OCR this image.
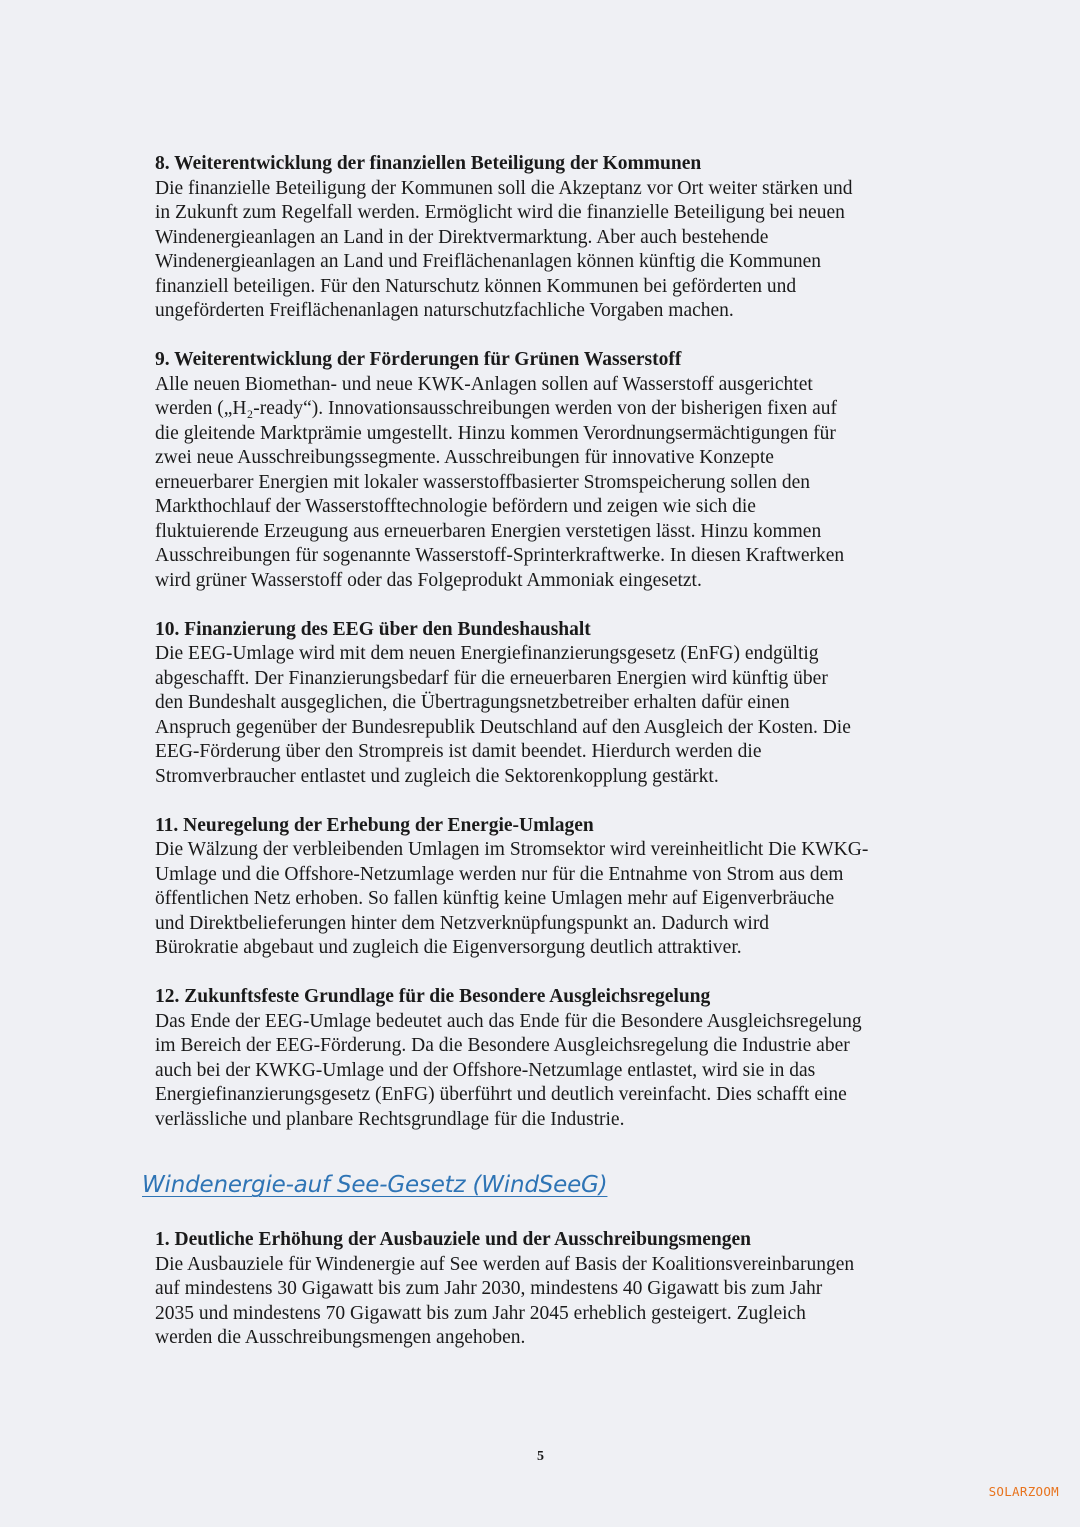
8. Weiterentwicklung der finanziellen Beteiligung der Kommunen

Die finanzielle Beteiligung der Kommunen soll die Akzeptanz vor Ort weiter stärken und
in Zukunft zum Regelfall werden. Ermöglicht wird die finanzielle Beteiligung bei neuen
Windenergieanlagen an Land in der Direktvermarktung. Aber auch bestehende
Windenergieanlagen an Land und Freiflächenanlagen können künftig die Kommunen
finanziell beteiligen. Für den Naturschutz können Kommunen bei geförderten und
ungeförderten Freiflächenanlagen naturschutzfachliche Vorgaben machen.

9. Weiterentwicklung der Förderungen für Grünen Wasserstoff

Alle neuen Biomethan- und neue KWK-Anlagen sollen auf Wasserstoff ausgerichtet
werden („H₂-ready“). Innovationsausschreibungen werden von der bisherigen fixen auf
die gleitende Marktprämie umgestellt. Hinzu kommen Verordnungsermächtigungen für
zwei neue Ausschreibungssegmente. Ausschreibungen für innovative Konzepte
erneuerbarer Energien mit lokaler wasserstoffbasierter Stromspeicherung sollen den
Markthochlauf der Wasserstofftechnologie befördern und zeigen wie sich die
fluktuierende Erzeugung aus erneuerbaren Energien verstetigen lässt. Hinzu kommen
Ausschreibungen für sogenannte Wasserstoff-Sprinterkraftwerke. In diesen Kraftwerken
wird grüner Wasserstoff oder das Folgeprodukt Ammoniak eingesetzt.

10. Finanzierung des EEG über den Bundeshaushalt

Die EEG-Umlage wird mit dem neuen Energiefinanzierungsgesetz (EnFG) endgültig
abgeschafft. Der Finanzierungsbedarf für die erneuerbaren Energien wird künftig über
den Bundeshalt ausgeglichen, die Übertragungsnetzbetreiber erhalten dafür einen
Anspruch gegenüber der Bundesrepublik Deutschland auf den Ausgleich der Kosten. Die
EEG-Förderung über den Strompreis ist damit beendet. Hierdurch werden die
Stromverbraucher entlastet und zugleich die Sektorenkopplung gestärkt.

11. Neuregelung der Erhebung der Energie-Umlagen

Die Wälzung der verbleibenden Umlagen im Stromsektor wird vereinheitlicht Die KWKG-
Umlage und die Offshore-Netzumlage werden nur für die Entnahme von Strom aus dem
öffentlichen Netz erhoben. So fallen künftig keine Umlagen mehr auf Eigenverbräuche
und Direktbelieferungen hinter dem Netzverknüpfungspunkt an. Dadurch wird
Bürokratie abgebaut und zugleich die Eigenversorgung deutlich attraktiver.

12. Zukunftsfeste Grundlage für die Besondere Ausgleichsregelung

Das Ende der EEG-Umlage bedeutet auch das Ende für die Besondere Ausgleichsregelung
im Bereich der EEG-Förderung. Da die Besondere Ausgleichsregelung die Industrie aber
auch bei der KWKG-Umlage und der Offshore-Netzumlage entlastet, wird sie in das
Energiefinanzierungsgesetz (EnFG) überführt und deutlich vereinfacht. Dies schafft eine
verlässliche und planbare Rechtsgrundlage für die Industrie.

Windenergie-auf See-Gesetz (WindSeeG)
1. Deutliche Erhöhung der Ausbauziele und der Ausschreibungsmengen

Die Ausbauziele für Windenergie auf See werden auf Basis der Koalitionsvereinbarungen
auf mindestens 30 Gigawatt bis zum Jahr 2030, mindestens 40 Gigawatt bis zum Jahr
2035 und mindestens 70 Gigawatt bis zum Jahr 2045 erheblich gesteigert. Zugleich
werden die Ausschreibungsmengen angehoben.

5
SOLARZOOM
